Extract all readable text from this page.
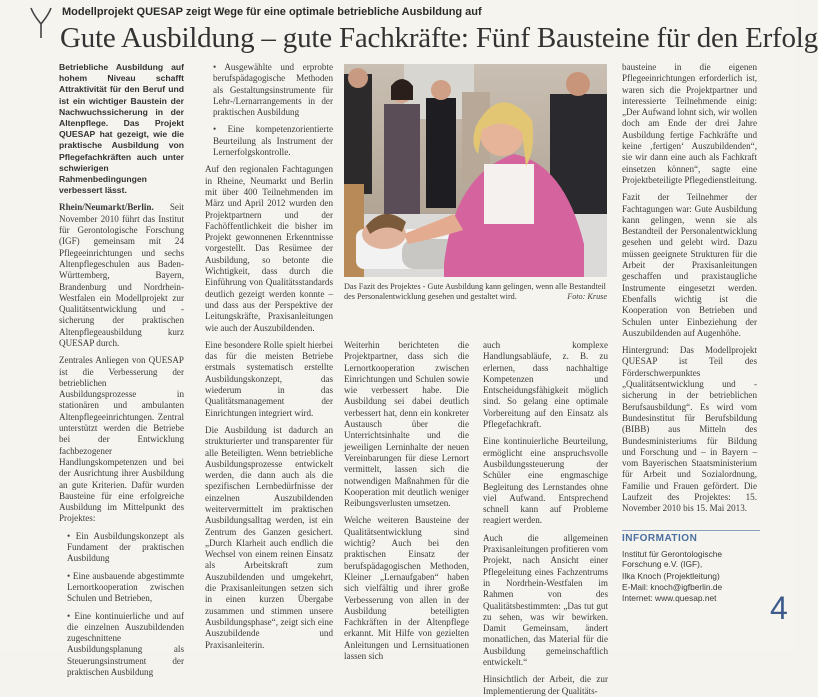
Modellprojekt QUESAP zeigt Wege für eine optimale betriebliche Ausbildung auf
Gute Ausbildung – gute Fachkräfte: Fünf Bausteine für den Erfolg

Betriebliche Ausbildung auf hohem Niveau schafft Attraktivität für den Beruf und ist ein wichtiger Baustein der Nachwuchssicherung in der Altenpflege. Das Projekt QUESAP hat gezeigt, wie die praktische Ausbildung von Pflegefachkräften auch unter schwierigen Rahmenbedingungen verbessert lässt.

Rhein/Neumarkt/Berlin. Seit November 2010 führt das Institut für Gerontologische Forschung (IGF) gemeinsam mit 24 Pflegeeinrichtungen und sechs Altenpflegeschulen aus Baden-Württemberg, Bayern, Brandenburg und Nordrhein-Westfalen ein Modellprojekt zur Qualitätsentwicklung und -sicherung der praktischen Altenpflegeausbildung kurz QUESAP durch.

Zentrales Anliegen von QUESAP ist die Verbesserung der betrieblichen Ausbildungsprozesse in stationären und ambulanten Altenpflegeeinrichtungen. Zentral unterstützt werden die Betriebe bei der Entwicklung fachbezogener Handlungskompetenzen und bei der Ausrichtung ihrer Ausbildung an gute Kriterien. Dafür wurden Bausteine für eine erfolgreiche Ausbildung im Mittelpunkt des Projektes:

• Ein Ausbildungskonzept als Fundament der praktischen Ausbildung

• Eine ausbauende abgestimmte Lernortkooperation zwischen Schulen und Betrieben,

• Eine kontinuierliche und auf die einzelnen Auszubildenden zugeschnittene Ausbildungsplanung als Steuerungsinstrument der praktischen Ausbildung

• Ausgewählte und erprobte berufspädagogische Methoden als Gestaltungsinstrumente für Lehr-/Lernarrangements in der praktischen Ausbildung

• Eine kompetenzorientierte Beurteilung als Instrument der Lernerfolgskontrolle.

Auf den regionalen Fachtagungen in Rheine, Neumarkt und Berlin mit über 400 Teilnehmenden im März und April 2012 wurden den Projektpartnern und der Fachöffentlichkeit die bisher im Projekt gewonnenen Erkenntnisse vorgestellt. Das Resümee der Ausbildung, so betonte die Wichtigkeit, dass durch die Einführung von Qualitätsstandards deutlich gezeigt werden konnte – und dass aus der Perspektive der Leitungskräfte, Praxisanleitungen wie auch der Auszubildenden.

Eine besondere Rolle spielt hierbei das für die meisten Betriebe erstmals systematisch erstellte Ausbildungskonzept, das wiederum in das Qualitätsmanagement der Einrichtungen integriert wird.

Die Ausbildung ist dadurch an strukturierter und transparenter für alle Beteiligten. Wenn betriebliche Ausbildungsprozesse entwickelt werden, die dann auch als die spezifischen Lernbedürfnisse der einzelnen Auszubildenden weitervermittelt im praktischen Ausbildungsalltag werden, ist ein Zentrum des Ganzen gesichert. „Durch Klarheit auch endlich die Wechsel von einem reinen Einsatz als Arbeitskraft zum Auszubildenden und umgekehrt, die Praxisanleitungen setzen sich in einen kurzen Übergabe zusammen und stimmen unsere Ausbildungsphase“, zeigt sich eine Auszubildende und Praxisanleiterin.

Das Fazit des Projektes - Gute Ausbildung kann gelingen, wenn alle Bestandteil des Personalentwicklung gesehen und gestaltet wird.	Foto: Kruse

Weiterhin berichteten die Projektpartner, dass sich die Lernortkooperation zwischen Einrichtungen und Schulen sowie wie verbessert habe. Die Ausbildung sei dabei deutlich verbessert hat, denn ein konkreter Austausch über die Unterrichtsinhalte und die jeweiligen Lerninhalte der neuen Vereinbarungen für diese Lernort vermittelt, lassen sich die notwendigen Maßnahmen für die Kooperation mit deutlich weniger Reibungsverlusten umsetzen.

Welche weiteren Bausteine der Qualitätsentwicklung sind wichtig? Auch bei den praktischen Einsatz der berufspädagogischen Methoden, Kleiner „Lernaufgaben“ haben sich vielfältig und ihrer große Verbesserung von allen in der Ausbildung beteiligten Fachkräften in der Altenpflege erkannt. Mit Hilfe von gezielten Anleitungen und Lernsituationen lassen sich

auch komplexe Handlungsabläufe, z. B. zu erlernen, dass nachhaltige Kompetenzen und Entscheidungsfähigkeit möglich sind. So gelang eine optimale Vorbereitung auf den Einsatz als Pflegefachkraft.

Eine kontinuierliche Beurteilung, ermöglicht eine anspruchsvolle Ausbildungssteuerung der Schüler eine engmaschige Begleitung des Lernstandes ohne viel Aufwand. Entsprechend schnell kann auf Probleme reagiert werden.

Auch die allgemeinen Praxisanleitungen profitieren vom Projekt, nach Ansicht einer Pflegeleitung eines Fachzentrums in Nordrhein-Westfalen im Rahmen von des Qualitätsbestimmten: „Das tut gut zu sehen, was wir bewirken. Damit Gemeinsam, ändert monatlichen, das Material für die Ausbildung gemeinschaftlich entwickelt.“

Hinsichtlich der Arbeit, die zur Implementierung der Qualitäts-

bausteine in die eigenen Pflegeeinrichtungen erforderlich ist, waren sich die Projektpartner und interessierte Teilnehmende einig: „Der Aufwand lohnt sich, wir wollen doch am Ende der drei Jahre Ausbildung fertige Fachkräfte und keine ‚fertigen‘ Auszubildenden“, sie wir dann eine auch als Fachkraft einsetzen können“, sagte eine Projektbeteiligte Pflegedienstleitung.

Fazit der Teilnehmer der Fachtagungen war: Gute Ausbildung kann gelingen, wenn sie als Bestandteil der Personalentwicklung gesehen und gelebt wird. Dazu müssen geeignete Strukturen für die Arbeit der Praxisanleitungen geschaffen und praxistaugliche Instrumente eingesetzt werden. Ebenfalls wichtig ist die Kooperation von Betrieben und Schulen unter Einbeziehung der Auszubildenden auf Augenhöhe.

Hintergrund: Das Modellprojekt QUESAP ist Teil des Förderschwerpunktes „Qualitätsentwicklung und -sicherung in der betrieblichen Berufsausbildung“. Es wird vom Bundesinstitut für Berufsbildung (BIBB) aus Mitteln des Bundesministeriums für Bildung und Forschung und – in Bayern – vom Bayerischen Staatsministerium für Arbeit und Sozialordnung, Familie und Frauen gefördert. Die Laufzeit des Projektes: 15. November 2010 bis 15. Mai 2013.

INFORMATION
Institut für Gerontologische
Forschung e.V. (IGF),
Ilka Knoch (Projektleitung)
E-Mail: knoch@igfberlin.de
Internet: www.quesap.net 4
